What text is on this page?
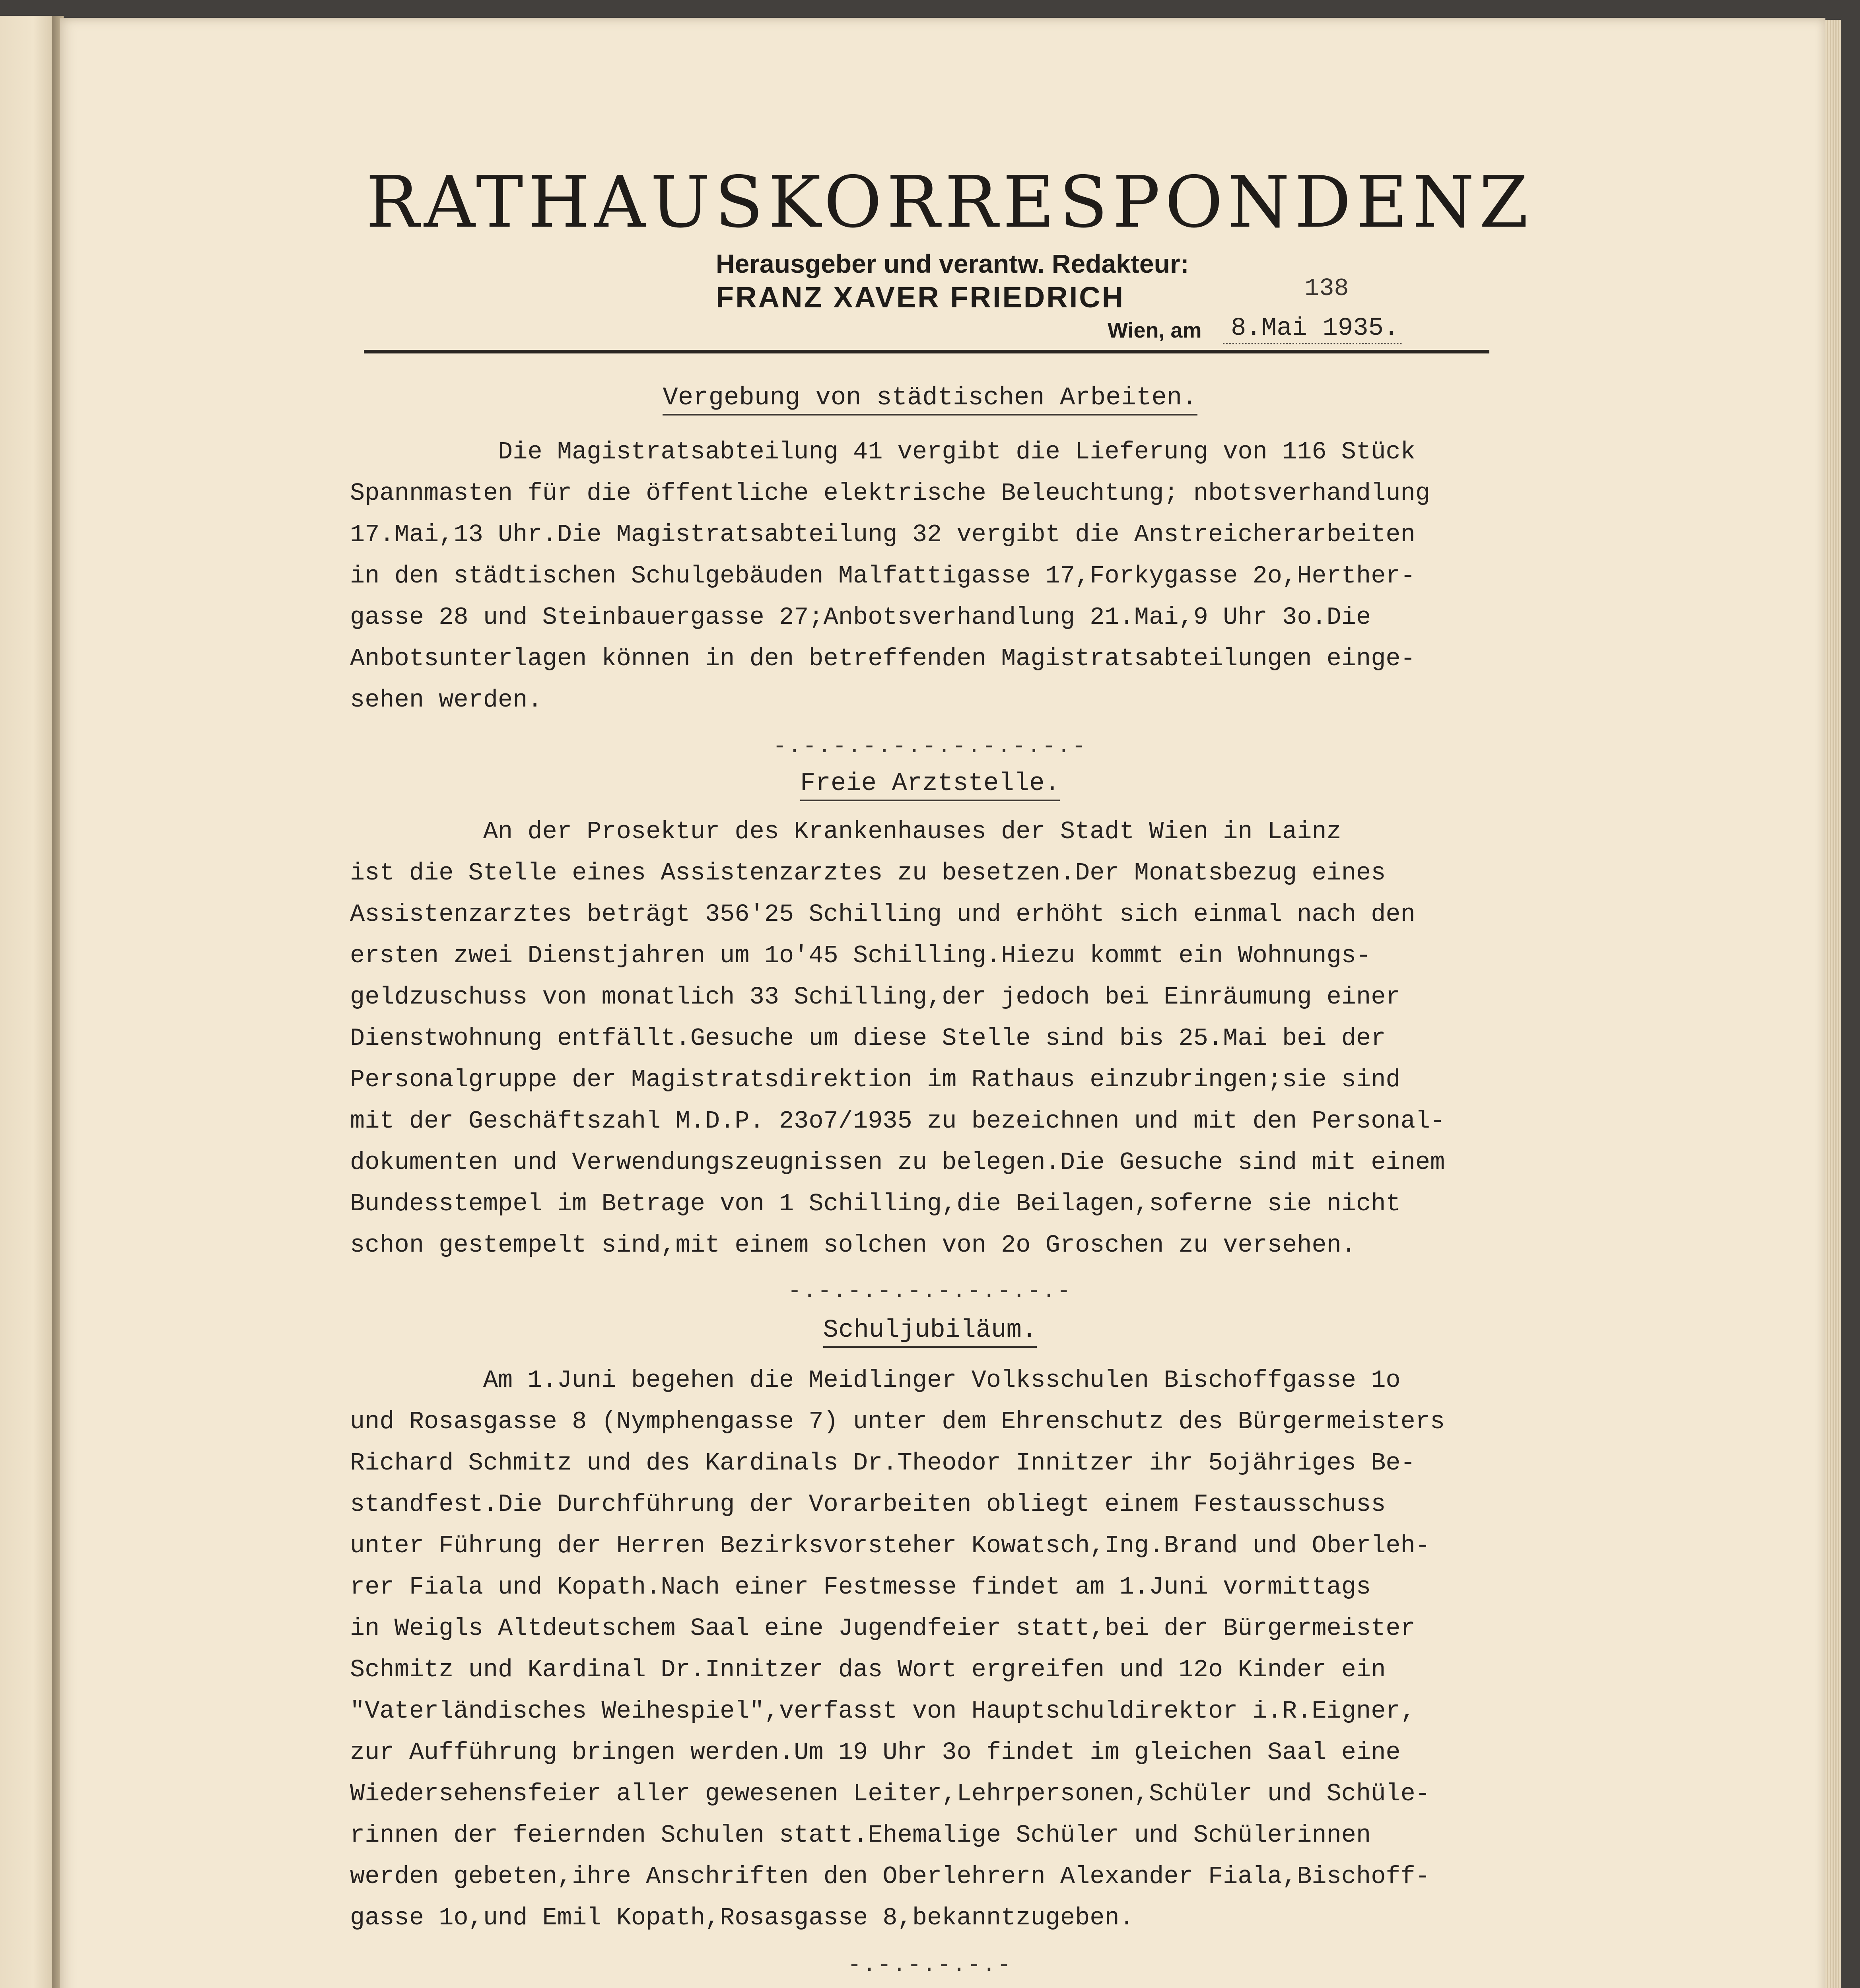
RATHAUSKORRESPONDENZ
Herausgeber und verantw. Redakteur:
FRANZ XAVER FRIEDRICH	138
Wien, am	8.Mai 1935.
Vergebung von städtischen Arbeiten.
Die Magistratsabteilung 41 vergibt die Lieferung von 116 Stück
Spannmasten für die öffentliche elektrische Beleuchtung; nbotsverhandlung
17.Mai,13 Uhr.Die Magistratsabteilung 32 vergibt die Anstreicherarbeiten
in den städtischen Schulgebäuden Malfattigasse 17,Forkygasse 2o,Herther-
gasse 28 und Steinbauergasse 27;Anbotsverhandlung 21.Mai,9 Uhr 3o.Die
Anbotsunterlagen können in den betreffenden Magistratsabteilungen einge-
sehen werden.
-.-.-.-.-.-.-.-.-.-.-
Freie Arztstelle.
An der Prosektur des Krankenhauses der Stadt Wien in Lainz
ist die Stelle eines Assistenzarztes zu besetzen.Der Monatsbezug eines
Assistenzarztes beträgt 356'25 Schilling und erhöht sich einmal nach den
ersten zwei Dienstjahren um 1o'45 Schilling.Hiezu kommt ein Wohnungs-
geldzuschuss von monatlich 33 Schilling,der jedoch bei Einräumung einer
Dienstwohnung entfällt.Gesuche um diese Stelle sind bis 25.Mai bei der
Personalgruppe der Magistratsdirektion im Rathaus einzubringen;sie sind
mit der Geschäftszahl M.D.P. 23o7/1935 zu bezeichnen und mit den Personal-
dokumenten und Verwendungszeugnissen zu belegen.Die Gesuche sind mit einem
Bundesstempel im Betrage von 1 Schilling,die Beilagen,soferne sie nicht
schon gestempelt sind,mit einem solchen von 2o Groschen zu versehen.
-.-.-.-.-.-.-.-.-.-
Schuljubiläum.
Am 1.Juni begehen die Meidlinger Volksschulen Bischoffgasse 1o
und Rosasgasse 8 (Nymphengasse 7) unter dem Ehrenschutz des Bürgermeisters
Richard Schmitz und des Kardinals Dr.Theodor Innitzer ihr 5ojähriges Be-
standfest.Die Durchführung der Vorarbeiten obliegt einem Festausschuss
unter Führung der Herren Bezirksvorsteher Kowatsch,Ing.Brand und Oberleh-
rer Fiala und Kopath.Nach einer Festmesse findet am 1.Juni vormittags
in Weigls Altdeutschem Saal eine Jugendfeier statt,bei der Bürgermeister
Schmitz und Kardinal Dr.Innitzer das Wort ergreifen und 12o Kinder ein
"Vaterländisches Weihespiel",verfasst von Hauptschuldirektor i.R.Eigner,
zur Aufführung bringen werden.Um 19 Uhr 3o findet im gleichen Saal eine
Wiedersehensfeier aller gewesenen Leiter,Lehrpersonen,Schüler und Schüle-
rinnen der feiernden Schulen statt.Ehemalige Schüler und Schülerinnen
werden gebeten,ihre Anschriften den Oberlehrern Alexander Fiala,Bischoff-
gasse 1o,und Emil Kopath,Rosasgasse 8,bekanntzugeben.
-.-.-.-.-.-
